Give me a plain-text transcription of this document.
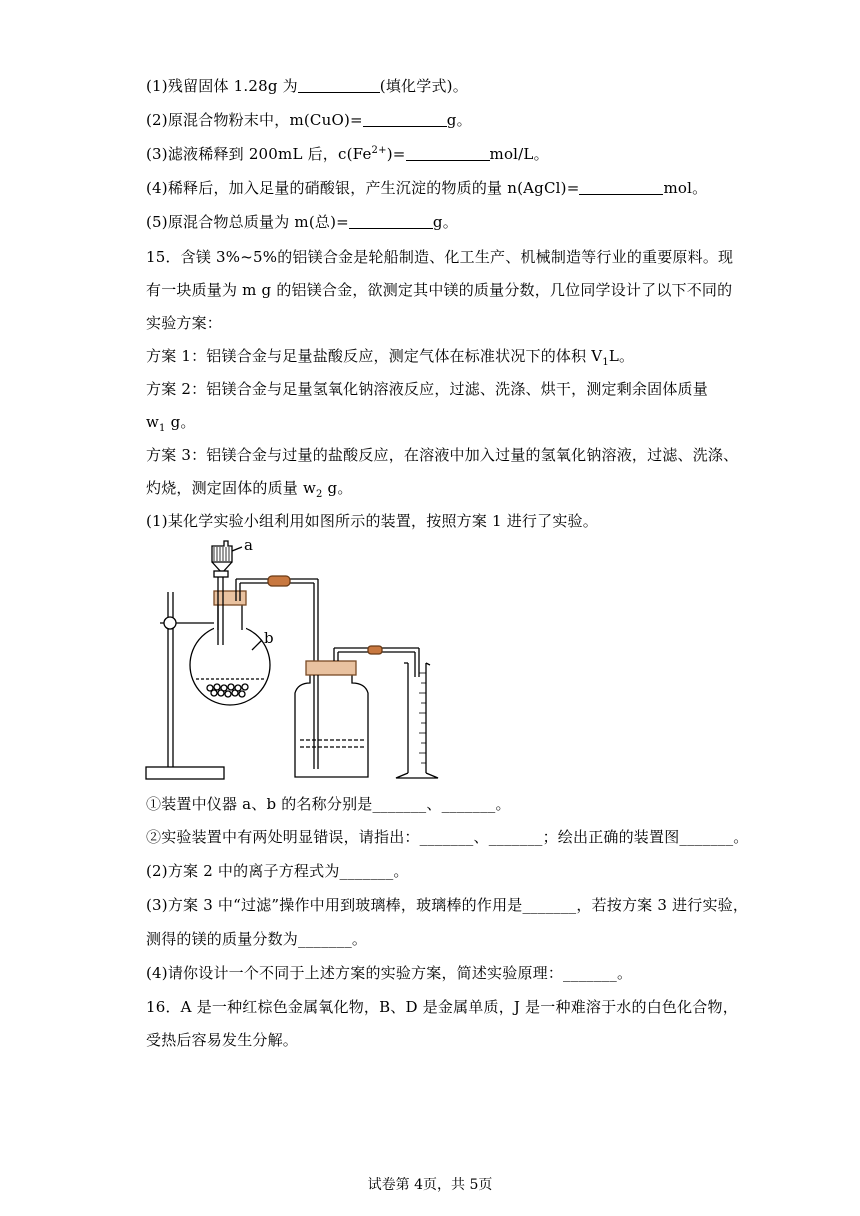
(1)残留固体 1.28g 为	(填化学式)。
(2)原混合物粉末中，m(CuO)=	g。
(3)滤液稀释到 200mL 后，$c(Fe^{2+})=$	mol/L。
(4)稀释后，加入足量的硝酸银，产生沉淀的物质的量 n(AgCl)=	mol。
(5)原混合物总质量为 m(总)=	g。
15．含镁 3%~5%的铝镁合金是轮船制造、化工生产、机械制造等行业的重要原料。现
有一块质量为 m g 的铝镁合金，欲测定其中镁的质量分数，几位同学设计了以下不同的
实验方案：
方案 1：铝镁合金与足量盐酸反应，测定气体在标准状况下的体积 $V_1L$。
方案 2：铝镁合金与足量氢氧化钠溶液反应，过滤、洗涤、烘干，测定剩余固体质量
$w_1$ g。
方案 3：铝镁合金与过量的盐酸反应，在溶液中加入过量的氢氧化钠溶液，过滤、洗涤、
灼烧，测定固体的质量 $w_2$ g。
(1)某化学实验小组利用如图所示的装置，按照方案 1 进行了实验。
a
b
①装置中仪器 a、b 的名称分别是_______、_______。
②实验装置中有两处明显错误，请指出：_______、_______；绘出正确的装置图_______。
(2)方案 2 中的离子方程式为_______。
(3)方案 3 中“过滤”操作中用到玻璃棒，玻璃棒的作用是_______，若按方案 3 进行实验，
测得的镁的质量分数为_______。
(4)请你设计一个不同于上述方案的实验方案，简述实验原理：_______。
16．A 是一种红棕色金属氧化物，B、D 是金属单质，J 是一种难溶于水的白色化合物，
受热后容易发生分解。
试卷第 4页，共 5页
